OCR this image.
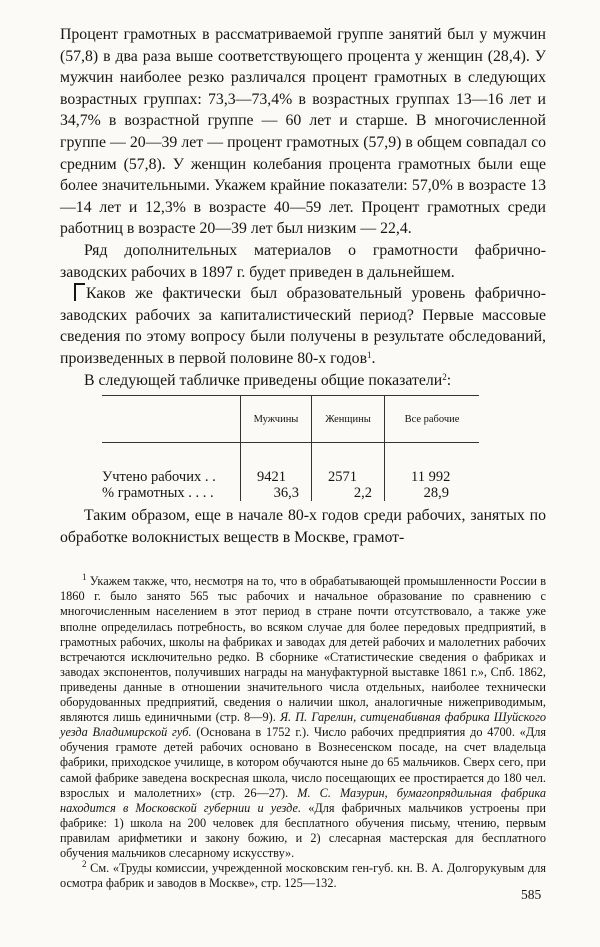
Процент грамотных в рассматриваемой группе занятий был у мужчин (57,8) в два раза выше соответствующего процента у женщин (28,4). У мужчин наиболее резко различался процент грамотных в следующих возрастных группах: 73,3—73,4% в возрастных группах 13—16 лет и 34,7% в возрастной группе — 60 лет и старше. В многочисленной группе — 20—39 лет — процент грамотных (57,9) в общем совпадал со средним (57,8). У женщин колебания процента грамотных были еще более значительными. Укажем крайние показатели: 57,0% в возрасте 13—14 лет и 12,3% в возрасте 40—59 лет. Процент грамотных среди работниц в возрасте 20—39 лет был низким — 22,4.

Ряд дополнительных материалов о грамотности фабрично-заводских рабочих в 1897 г. будет приведен в дальнейшем.

Каков же фактически был образовательный уровень фабрично-заводских рабочих за капиталистический период? Первые массовые сведения по этому вопросу были получены в результате обследований, произведенных в первой половине 80-х годов$^1$.

В следующей табличке приведены общие показатели$^2$:

	Мужчины	Женщины	Все рабочие

Учтено рабочих . .	9421	2571	11 992
% грамотных . . . .	36,3	2,2	28,9

Таким образом, еще в начале 80-х годов среди рабочих, занятых по обработке волокнистых веществ в Москве, грамот-

$^1$ Укажем также, что, несмотря на то, что в обрабатывающей промышленности России в 1860 г. было занято 565 тыс рабочих и начальное образование по сравнению с многочисленным населением в этот период в стране почти отсутствовало, а также уже вполне определилась потребность, во всяком случае для более передовых предприятий, в грамотных рабочих, школы на фабриках и заводах для детей рабочих и малолетних рабочих встречаются исключительно редко. В сборнике «Статистические сведения о фабриках и заводах экспонентов, получивших награды на мануфактурной выставке 1861 г.», Спб. 1862, приведены данные в отношении значительного числа отдельных, наиболее технически оборудованных предприятий, сведения о наличии школ, аналогичные нижеприводимым, являются лишь единичными (стр. 8—9). Я. П. Гарелин, ситценабивная фабрика Шуйского уезда Владимирской губ. (Основана в 1752 г.). Число рабочих предприятия до 4700. «Для обучения грамоте детей рабочих основано в Вознесенском посаде, на счет владельца фабрики, приходское училище, в котором обучаются ныне до 65 мальчиков. Сверх сего, при самой фабрике заведена воскресная школа, число посещающих ее простирается до 180 чел. взрослых и малолетних» (стр. 26—27). М. С. Мазурин, бумагопрядильная фабрика находится в Московской губернии и уезде. «Для фабричных мальчиков устроены при фабрике: 1) школа на 200 человек для бесплатного обучения письму, чтению, первым правилам арифметики и закону божию, и 2) слесарная мастерская для бесплатного обучения мальчиков слесарному искусству».

$^2$ См. «Труды комиссии, учрежденной московским ген-губ. кн. В. А. Долгорукувым для осмотра фабрик и заводов в Москве», стр. 125—132.

585
